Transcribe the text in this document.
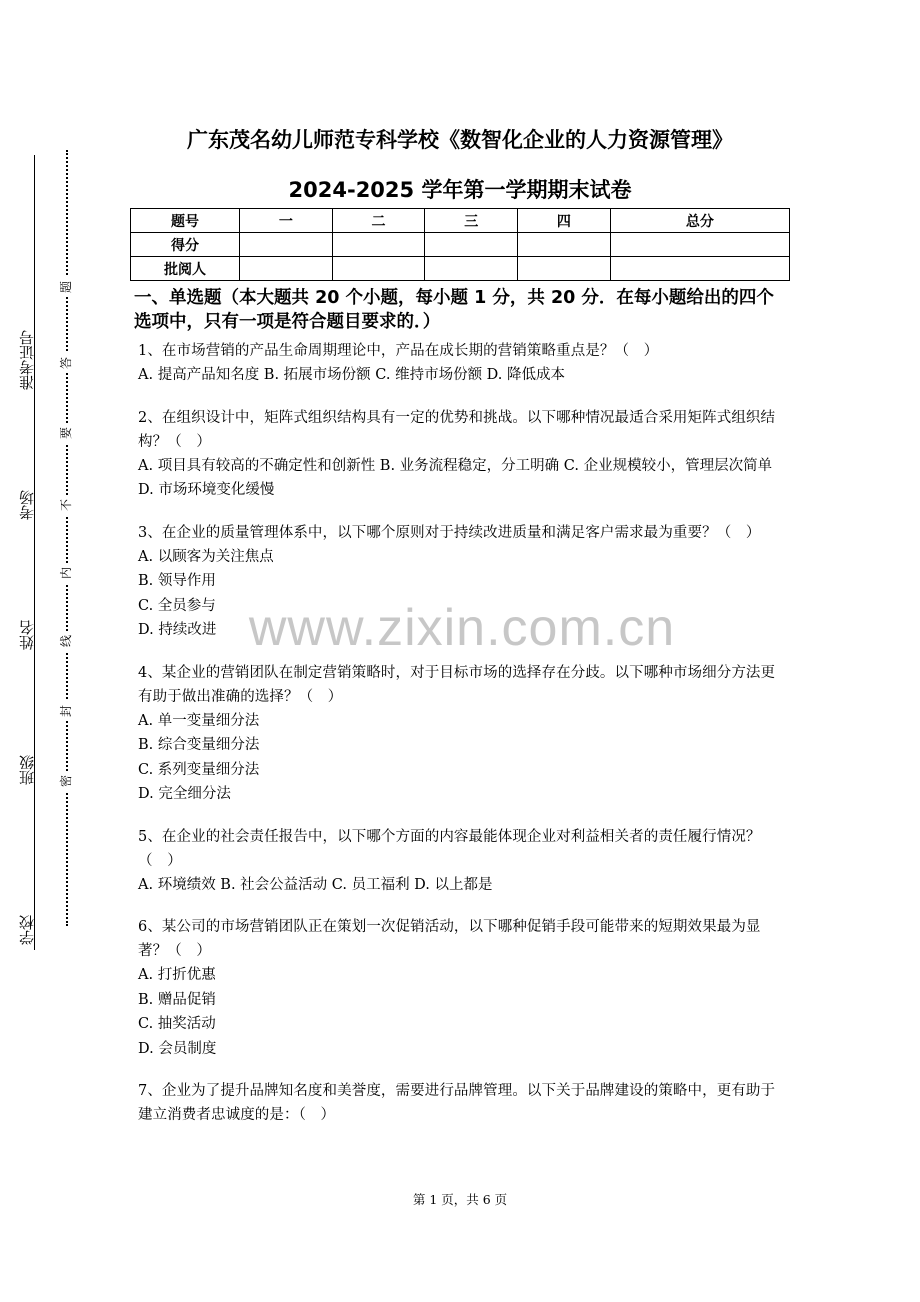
准考证号
考场
姓名
班级
学校
题
答
要
不
内
线
封
密
广东茂名幼儿师范专科学校《数智化企业的人力资源管理》
2024-2025 学年第一学期期末试卷
题号	一	二	三	四	总分
得分					
批阅人					
一、单选题（本大题共 20 个小题，每小题 1 分，共 20 分．在每小题给出的四个选项中，只有一项是符合题目要求的．）
1、在市场营销的产品生命周期理论中，产品在成长期的营销策略重点是？（　）
A. 提高产品知名度 B. 拓展市场份额 C. 维持市场份额 D. 降低成本
2、在组织设计中，矩阵式组织结构具有一定的优势和挑战。以下哪种情况最适合采用矩阵式组织结构？（　）
A. 项目具有较高的不确定性和创新性 B. 业务流程稳定，分工明确 C. 企业规模较小，管理层次简单 D. 市场环境变化缓慢
3、在企业的质量管理体系中，以下哪个原则对于持续改进质量和满足客户需求最为重要？（　）
A. 以顾客为关注焦点
B. 领导作用
C. 全员参与
D. 持续改进
4、某企业的营销团队在制定营销策略时，对于目标市场的选择存在分歧。以下哪种市场细分方法更有助于做出准确的选择？（　）
A. 单一变量细分法
B. 综合变量细分法
C. 系列变量细分法
D. 完全细分法
5、在企业的社会责任报告中，以下哪个方面的内容最能体现企业对利益相关者的责任履行情况？（　）
A. 环境绩效 B. 社会公益活动 C. 员工福利 D. 以上都是
6、某公司的市场营销团队正在策划一次促销活动，以下哪种促销手段可能带来的短期效果最为显著？（　）
A. 打折优惠
B. 赠品促销
C. 抽奖活动
D. 会员制度
7、企业为了提升品牌知名度和美誉度，需要进行品牌管理。以下关于品牌建设的策略中，更有助于建立消费者忠诚度的是：（　）
www.zixin.com.cn
第 1 页，共 6 页
